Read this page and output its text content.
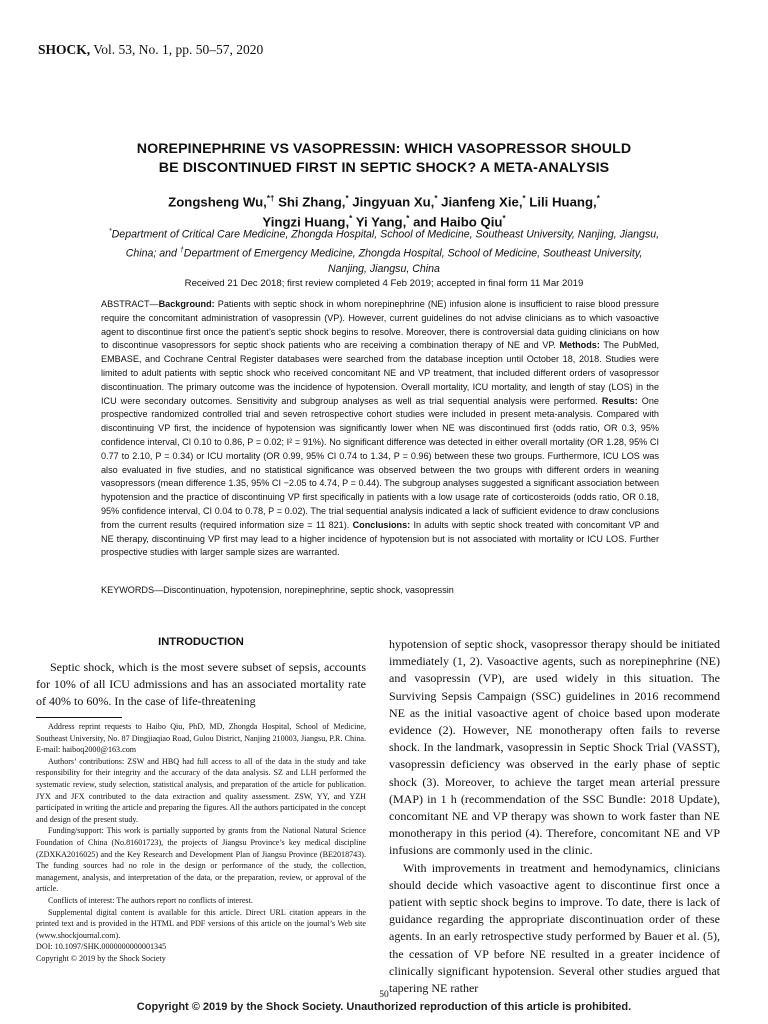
SHOCK, Vol. 53, No. 1, pp. 50–57, 2020
NOREPINEPHRINE VS VASOPRESSIN: WHICH VASOPRESSOR SHOULD
BE DISCONTINUED FIRST IN SEPTIC SHOCK? A META-ANALYSIS
Zongsheng Wu,*† Shi Zhang,* Jingyuan Xu,* Jianfeng Xie,* Lili Huang,*
Yingzi Huang,* Yi Yang,* and Haibo Qiu*
*Department of Critical Care Medicine, Zhongda Hospital, School of Medicine, Southeast University, Nanjing, Jiangsu, China; and †Department of Emergency Medicine, Zhongda Hospital, School of Medicine, Southeast University, Nanjing, Jiangsu, China
Received 21 Dec 2018; first review completed 4 Feb 2019; accepted in final form 11 Mar 2019
ABSTRACT—Background: Patients with septic shock in whom norepinephrine (NE) infusion alone is insufficient to raise blood pressure require the concomitant administration of vasopressin (VP). However, current guidelines do not advise clinicians as to which vasoactive agent to discontinue first once the patient’s septic shock begins to resolve. Moreover, there is controversial data guiding clinicians on how to discontinue vasopressors for septic shock patients who are receiving a combination therapy of NE and VP. Methods: The PubMed, EMBASE, and Cochrane Central Register databases were searched from the database inception until October 18, 2018. Studies were limited to adult patients with septic shock who received concomitant NE and VP treatment, that included different orders of vasopressor discontinuation. The primary outcome was the incidence of hypotension. Overall mortality, ICU mortality, and length of stay (LOS) in the ICU were secondary outcomes. Sensitivity and subgroup analyses as well as trial sequential analysis were performed. Results: One prospective randomized controlled trial and seven retrospective cohort studies were included in present meta-analysis. Compared with discontinuing VP first, the incidence of hypotension was significantly lower when NE was discontinued first (odds ratio, OR 0.3, 95% confidence interval, CI 0.10 to 0.86, P = 0.02; I² = 91%). No significant difference was detected in either overall mortality (OR 1.28, 95% CI 0.77 to 2.10, P = 0.34) or ICU mortality (OR 0.99, 95% CI 0.74 to 1.34, P = 0.96) between these two groups. Furthermore, ICU LOS was also evaluated in five studies, and no statistical significance was observed between the two groups with different orders in weaning vasopressors (mean difference 1.35, 95% CI −2.05 to 4.74, P = 0.44). The subgroup analyses suggested a significant association between hypotension and the practice of discontinuing VP first specifically in patients with a low usage rate of corticosteroids (odds ratio, OR 0.18, 95% confidence interval, CI 0.04 to 0.78, P = 0.02). The trial sequential analysis indicated a lack of sufficient evidence to draw conclusions from the current results (required information size = 11 821). Conclusions: In adults with septic shock treated with concomitant VP and NE therapy, discontinuing VP first may lead to a higher incidence of hypotension but is not associated with mortality or ICU LOS. Further prospective studies with larger sample sizes are warranted.
KEYWORDS—Discontinuation, hypotension, norepinephrine, septic shock, vasopressin
INTRODUCTION

Septic shock, which is the most severe subset of sepsis, accounts for 10% of all ICU admissions and has an associated mortality rate of 40% to 60%. In the case of life-threatening

Address reprint requests to Haibo Qiu, PhD, MD, Zhongda Hospital, School of Medicine, Southeast University, No. 87 Dingjiaqiao Road, Gulou District, Nanjing 210003, Jiangsu, P.R. China. E-mail: haiboq2000@163.com

Authors’ contributions: ZSW and HBQ had full access to all of the data in the study and take responsibility for their integrity and the accuracy of the data analysis. SZ and LLH performed the systematic review, study selection, statistical analysis, and preparation of the article for publication. JYX and JFX contributed to the data extraction and quality assessment. ZSW, YY, and YZH participated in writing the article and preparing the figures. All the authors participated in the concept and design of the present study.

Funding/support: This work is partially supported by grants from the National Natural Science Foundation of China (No.81601723), the projects of Jiangsu Province’s key medical discipline (ZDXKA2016025) and the Key Research and Development Plan of Jiangsu Province (BE2018743). The funding sources had no role in the design or performance of the study, the collection, management, analysis, and interpretation of the data, or the preparation, review, or approval of the article.

Conflicts of interest: The authors report no conflicts of interest.

Supplemental digital content is available for this article. Direct URL citation appears in the printed text and is provided in the HTML and PDF versions of this article on the journal’s Web site (www.shockjournal.com).

DOI: 10.1097/SHK.0000000000001345

Copyright © 2019 by the Shock Society

hypotension of septic shock, vasopressor therapy should be initiated immediately (1, 2). Vasoactive agents, such as norepinephrine (NE) and vasopressin (VP), are used widely in this situation. The Surviving Sepsis Campaign (SSC) guidelines in 2016 recommend NE as the initial vasoactive agent of choice based upon moderate evidence (2). However, NE monotherapy often fails to reverse shock. In the landmark, vasopressin in Septic Shock Trial (VASST), vasopressin deficiency was observed in the early phase of septic shock (3). Moreover, to achieve the target mean arterial pressure (MAP) in 1 h (recommendation of the SSC Bundle: 2018 Update), concomitant NE and VP therapy was shown to work faster than NE monotherapy in this period (4). Therefore, concomitant NE and VP infusions are commonly used in the clinic.

With improvements in treatment and hemodynamics, clinicians should decide which vasoactive agent to discontinue first once a patient with septic shock begins to improve. To date, there is lack of guidance regarding the appropriate discontinuation order of these agents. In an early retrospective study performed by Bauer et al. (5), the cessation of VP before NE resulted in a greater incidence of clinically significant hypotension. Several other studies argued that tapering NE rather

50
Copyright © 2019 by the Shock Society. Unauthorized reproduction of this article is prohibited.
